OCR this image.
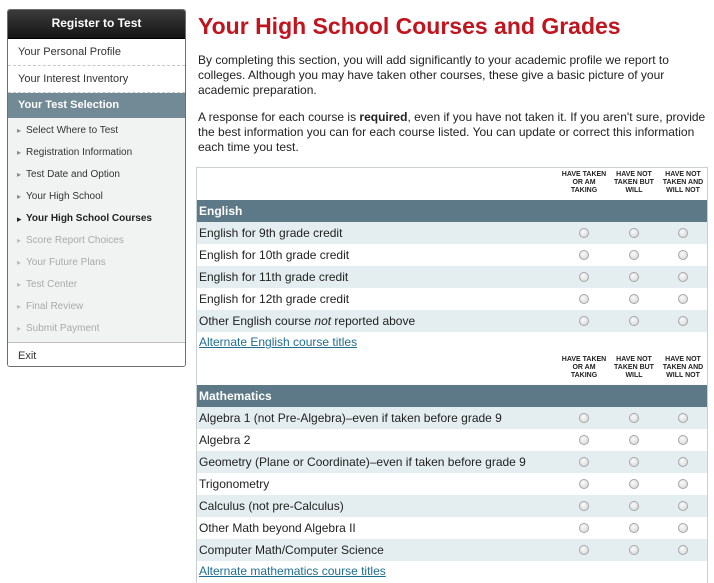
Register to Test
Your Personal Profile
Your Interest Inventory
Your Test Selection
▸ Select Where to Test
▸ Registration Information
▸ Test Date and Option
▸ Your High School
▸ Your High School Courses
▸ Score Report Choices
▸ Your Future Plans
▸ Test Center
▸ Final Review
▸ Submit Payment
Exit
Your High School Courses and Grades

By completing this section, you will add significantly to your academic profile we report to colleges. Although you may have taken other courses, these give a basic picture of your academic preparation.

A response for each course is required, even if you have not taken it. If you aren't sure, provide the best information you can for each course listed. You can update or correct this information each time you test.

HAVE TAKEN OR AM TAKING
HAVE NOT TAKEN BUT WILL
HAVE NOT TAKEN AND WILL NOT
English
English for 9th grade credit
English for 10th grade credit
English for 11th grade credit
English for 12th grade credit
Other English course not reported above
Alternate English course titles
HAVE TAKEN OR AM TAKING
HAVE NOT TAKEN BUT WILL
HAVE NOT TAKEN AND WILL NOT
Mathematics
Algebra 1 (not Pre-Algebra)–even if taken before grade 9
Algebra 2
Geometry (Plane or Coordinate)–even if taken before grade 9
Trigonometry
Calculus (not pre-Calculus)
Other Math beyond Algebra II
Computer Math/Computer Science
Alternate mathematics course titles
